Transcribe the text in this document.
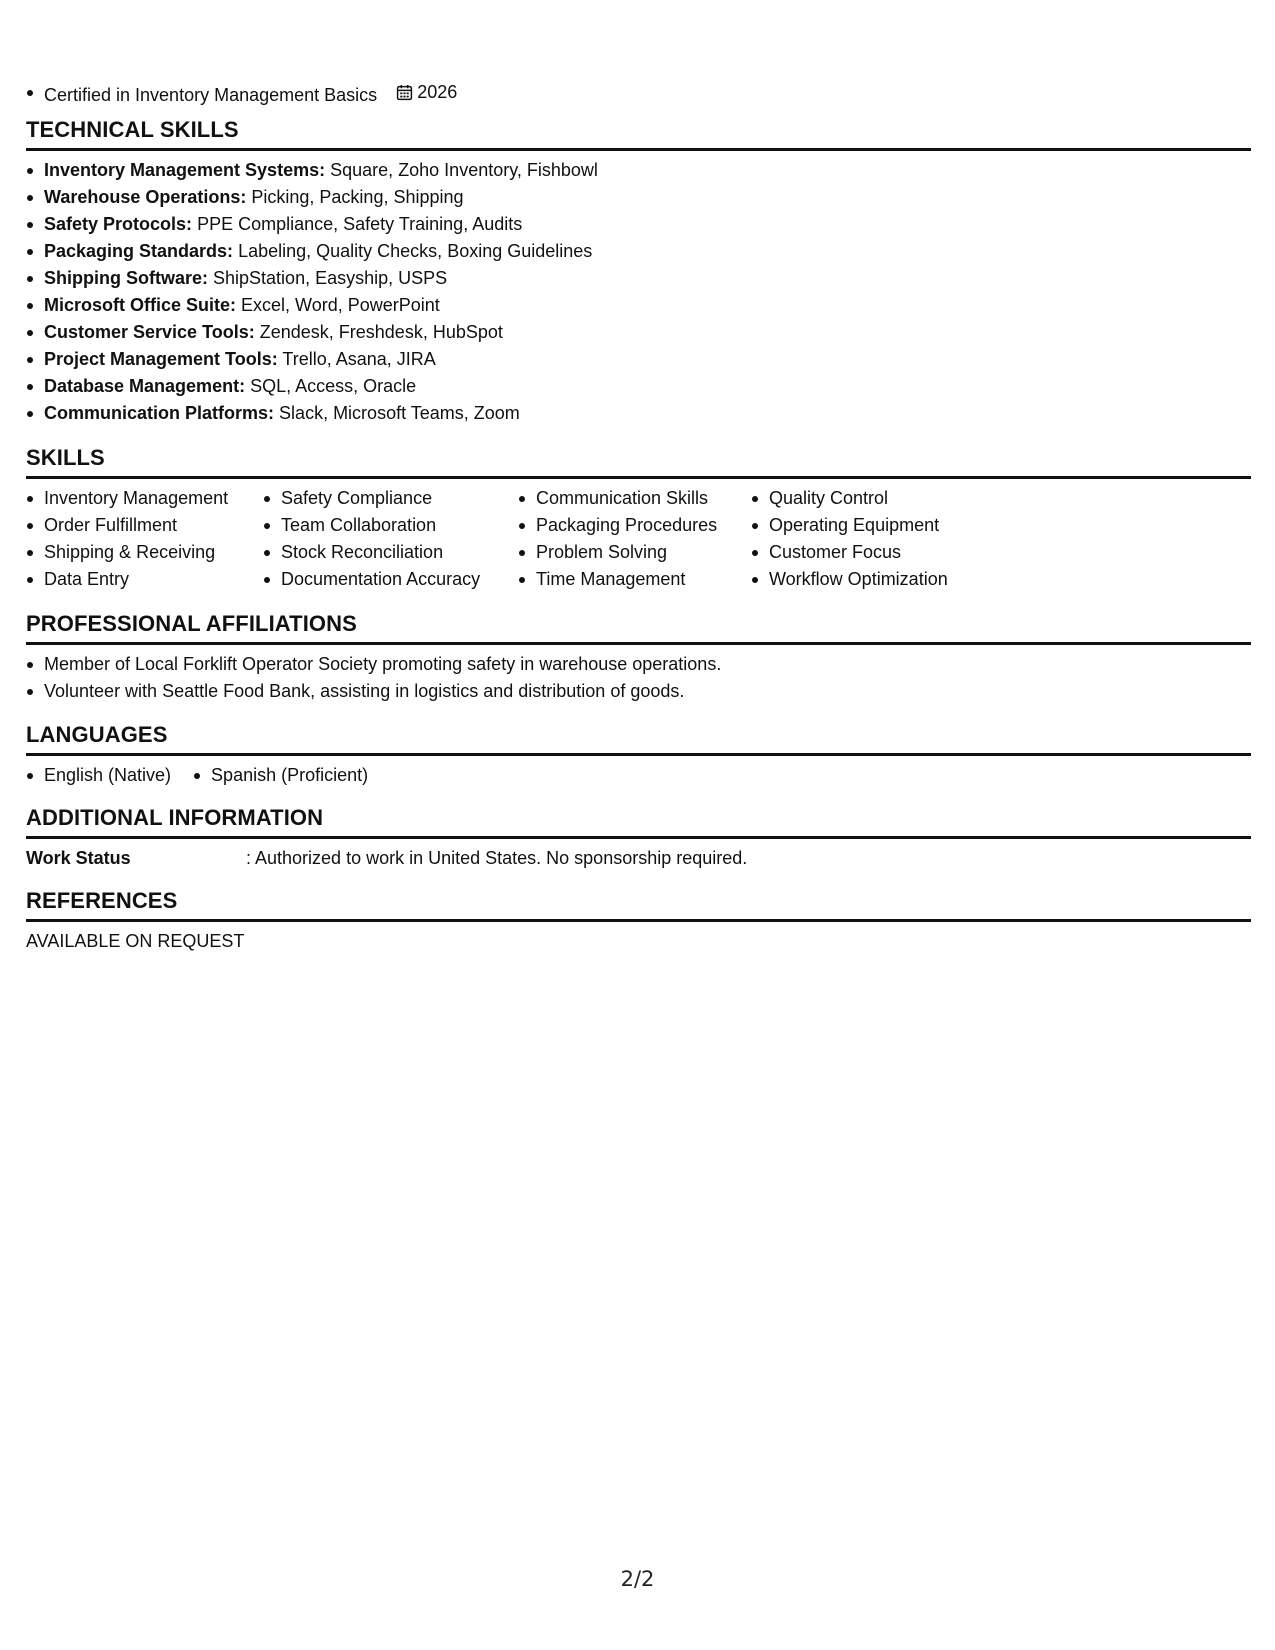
Certified in Inventory Management Basics 2026
TECHNICAL SKILLS
Inventory Management Systems: Square, Zoho Inventory, Fishbowl
Warehouse Operations: Picking, Packing, Shipping
Safety Protocols: PPE Compliance, Safety Training, Audits
Packaging Standards: Labeling, Quality Checks, Boxing Guidelines
Shipping Software: ShipStation, Easyship, USPS
Microsoft Office Suite: Excel, Word, PowerPoint
Customer Service Tools: Zendesk, Freshdesk, HubSpot
Project Management Tools: Trello, Asana, JIRA
Database Management: SQL, Access, Oracle
Communication Platforms: Slack, Microsoft Teams, Zoom
SKILLS
Inventory Management
Order Fulfillment
Shipping & Receiving
Data Entry
Safety Compliance
Team Collaboration
Stock Reconciliation
Documentation Accuracy
Communication Skills
Packaging Procedures
Problem Solving
Time Management
Quality Control
Operating Equipment
Customer Focus
Workflow Optimization
PROFESSIONAL AFFILIATIONS
Member of Local Forklift Operator Society promoting safety in warehouse operations.
Volunteer with Seattle Food Bank, assisting in logistics and distribution of goods.
LANGUAGES
English (Native)	Spanish (Proficient)
ADDITIONAL INFORMATION
Work Status	: Authorized to work in United States. No sponsorship required.
REFERENCES
AVAILABLE ON REQUEST
2/2
